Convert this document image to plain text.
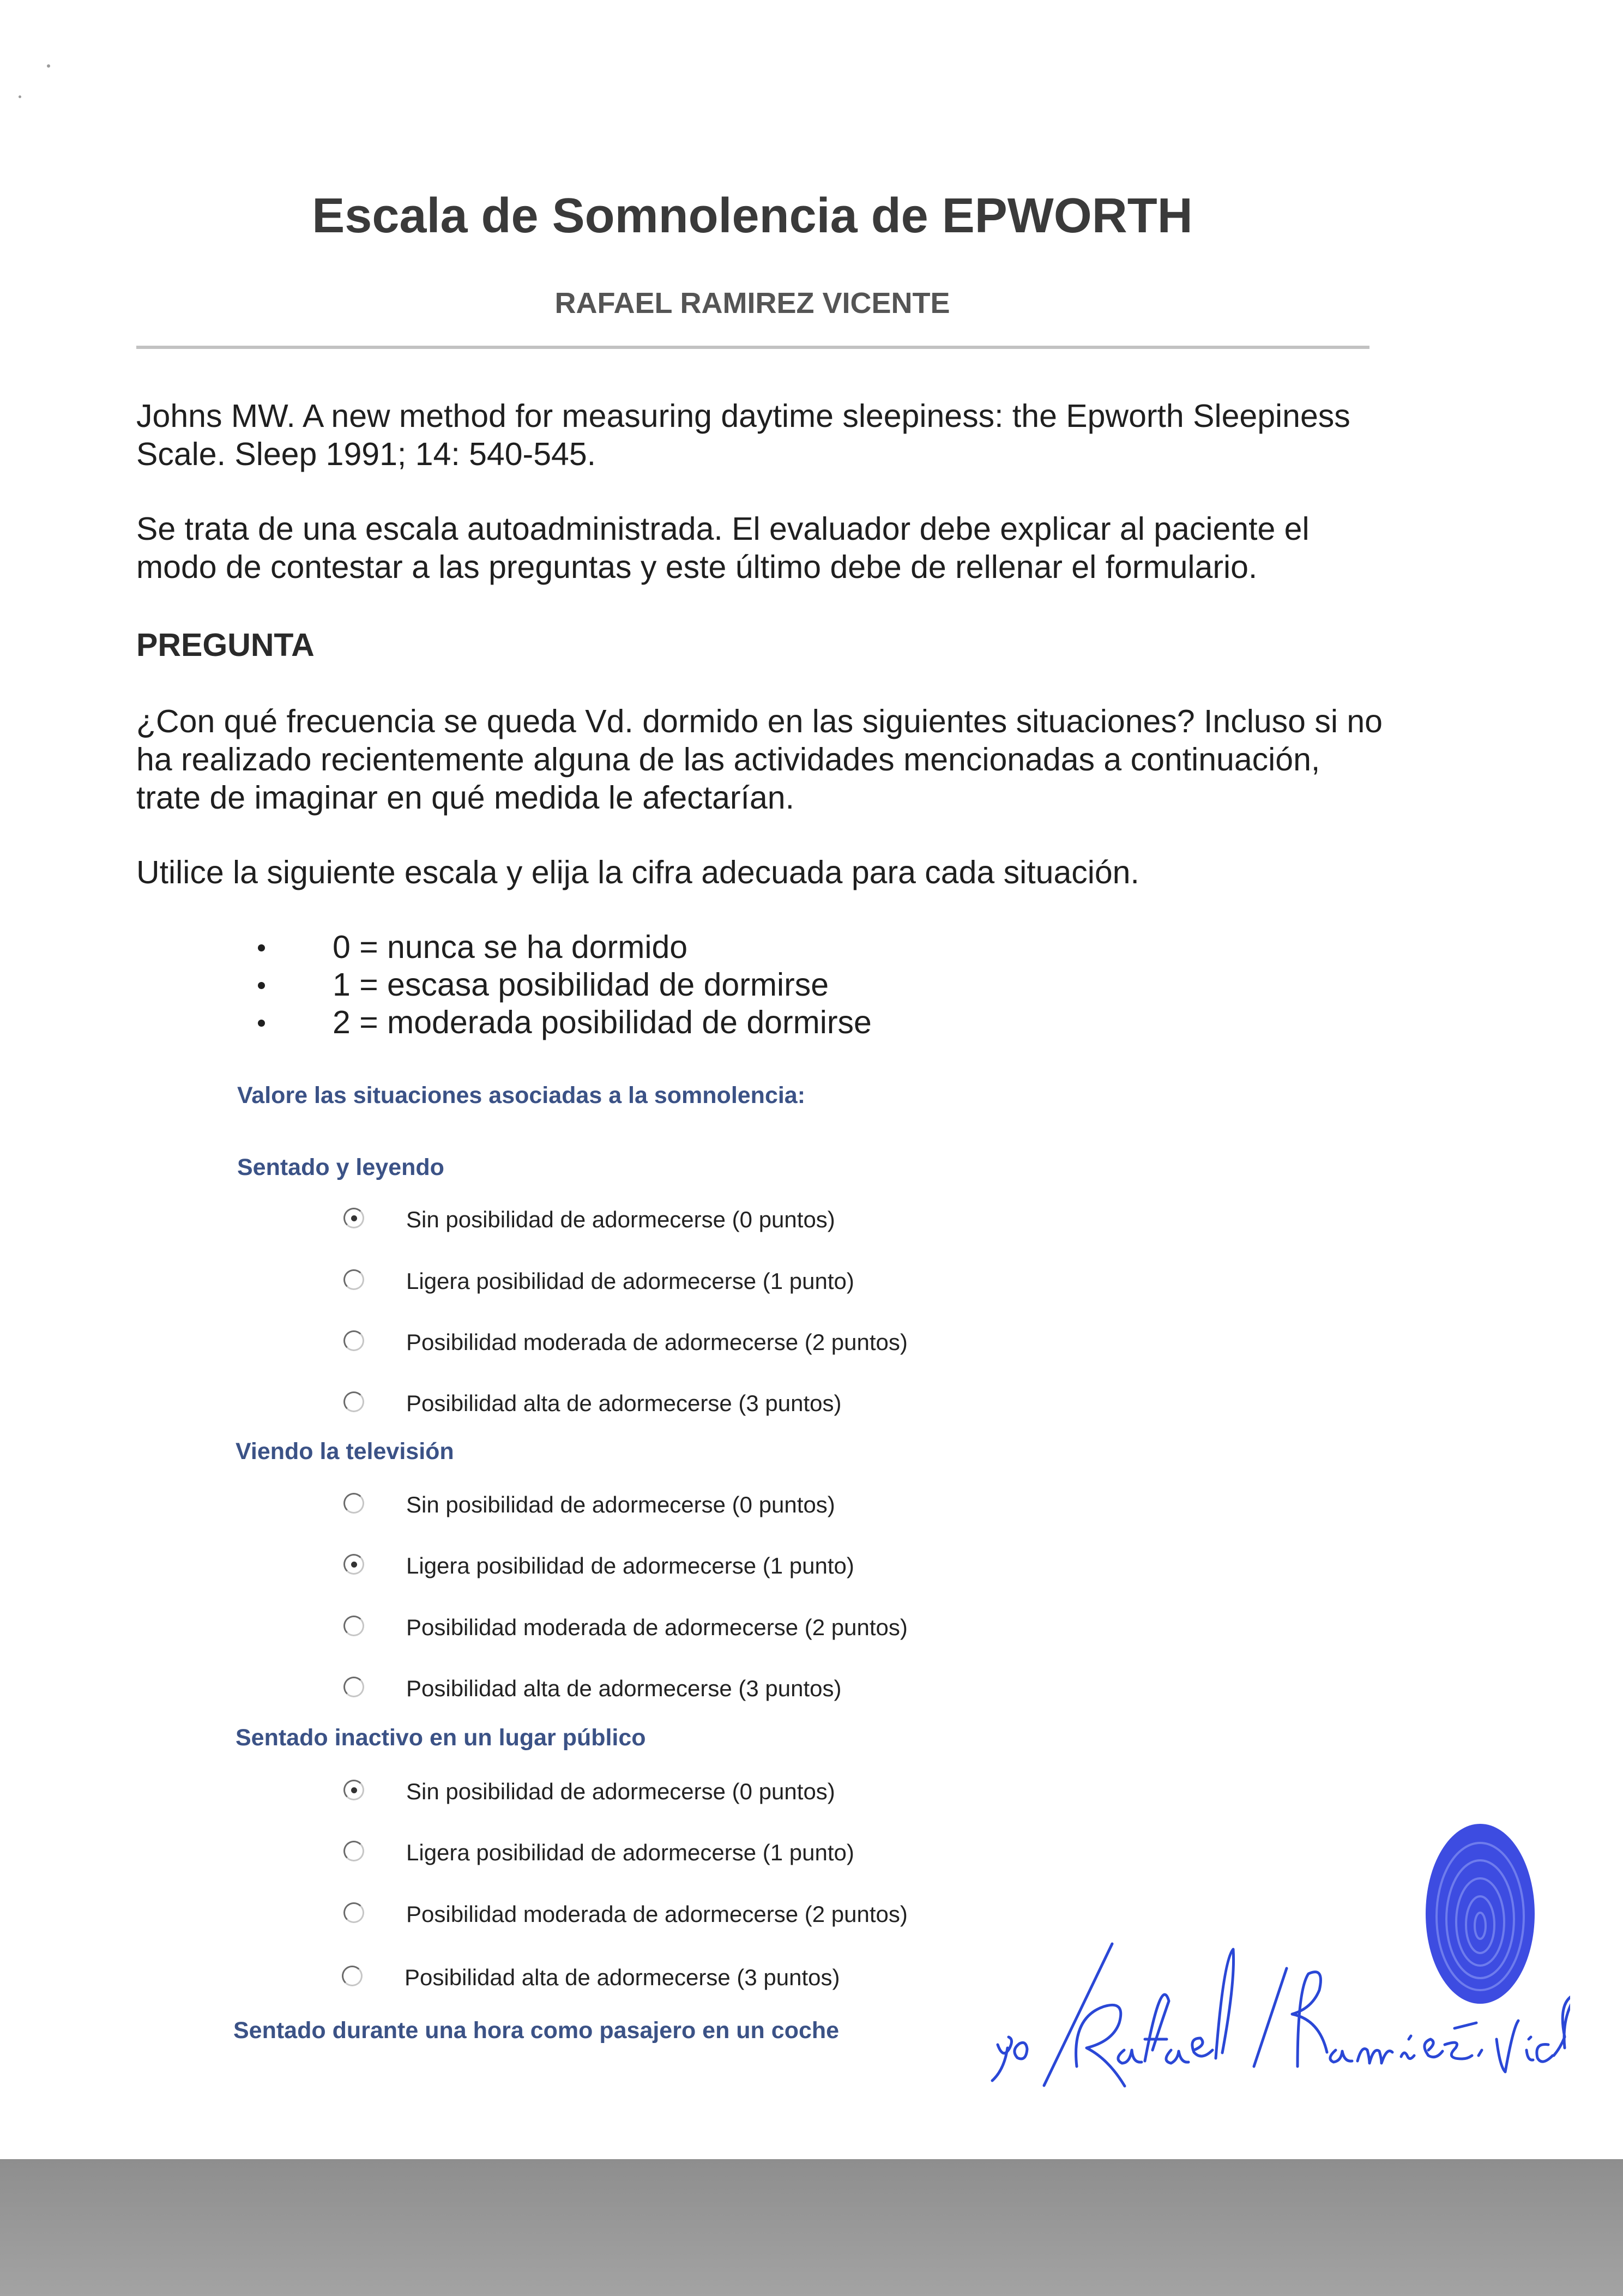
Escala de Somnolencia de EPWORTH
RAFAEL RAMIREZ VICENTE

Johns MW. A new method for measuring daytime sleepiness: the Epworth Sleepiness Scale. Sleep 1991; 14: 540-545.

Se trata de una escala autoadministrada. El evaluador debe explicar al paciente el modo de contestar a las preguntas y este último debe de rellenar el formulario.

PREGUNTA

¿Con qué frecuencia se queda Vd. dormido en las siguientes situaciones? Incluso si no ha realizado recientemente alguna de las actividades mencionadas a continuación, trate de imaginar en qué medida le afectarían.

Utilice la siguiente escala y elija la cifra adecuada para cada situación.

0 = nunca se ha dormido
1 = escasa posibilidad de dormirse
2 = moderada posibilidad de dormirse
Valore las situaciones asociadas a la somnolencia:
Sentado y leyendo
Sin posibilidad de adormecerse (0 puntos)
Ligera posibilidad de adormecerse (1 punto)
Posibilidad moderada de adormecerse (2 puntos)
Posibilidad alta de adormecerse (3 puntos)
Viendo la televisión
Sin posibilidad de adormecerse (0 puntos)
Ligera posibilidad de adormecerse (1 punto)
Posibilidad moderada de adormecerse (2 puntos)
Posibilidad alta de adormecerse (3 puntos)
Sentado inactivo en un lugar público
Sin posibilidad de adormecerse (0 puntos)
Ligera posibilidad de adormecerse (1 punto)
Posibilidad moderada de adormecerse (2 puntos)
Posibilidad alta de adormecerse (3 puntos)
Sentado durante una hora como pasajero en un coche
